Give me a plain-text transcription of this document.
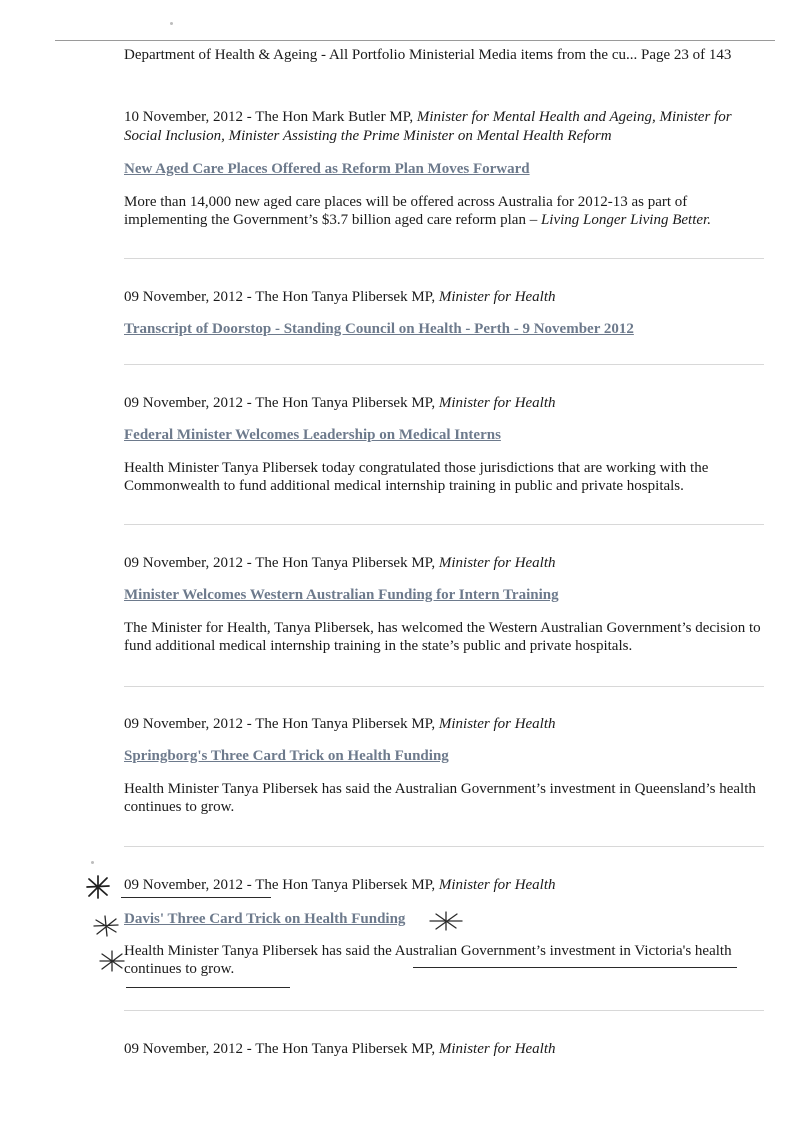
Department of Health & Ageing - All Portfolio Ministerial Media items from the cu... Page 23 of 143

10 November, 2012 - The Hon Mark Butler MP, Minister for Mental Health and Ageing, Minister for Social Inclusion, Minister Assisting the Prime Minister on Mental Health Reform

New Aged Care Places Offered as Reform Plan Moves Forward

More than 14,000 new aged care places will be offered across Australia for 2012-13 as part of implementing the Government’s $3.7 billion aged care reform plan – Living Longer Living Better.

09 November, 2012 - The Hon Tanya Plibersek MP, Minister for Health

Transcript of Doorstop - Standing Council on Health - Perth - 9 November 2012

09 November, 2012 - The Hon Tanya Plibersek MP, Minister for Health

Federal Minister Welcomes Leadership on Medical Interns

Health Minister Tanya Plibersek today congratulated those jurisdictions that are working with the Commonwealth to fund additional medical internship training in public and private hospitals.

09 November, 2012 - The Hon Tanya Plibersek MP, Minister for Health

Minister Welcomes Western Australian Funding for Intern Training

The Minister for Health, Tanya Plibersek, has welcomed the Western Australian Government’s decision to fund additional medical internship training in the state’s public and private hospitals.

09 November, 2012 - The Hon Tanya Plibersek MP, Minister for Health

Springborg's Three Card Trick on Health Funding

Health Minister Tanya Plibersek has said the Australian Government’s investment in Queensland’s health continues to grow.

09 November, 2012 - The Hon Tanya Plibersek MP, Minister for Health

Davis' Three Card Trick on Health Funding

Health Minister Tanya Plibersek has said the Australian Government’s investment in Victoria's health continues to grow.

09 November, 2012 - The Hon Tanya Plibersek MP, Minister for Health
